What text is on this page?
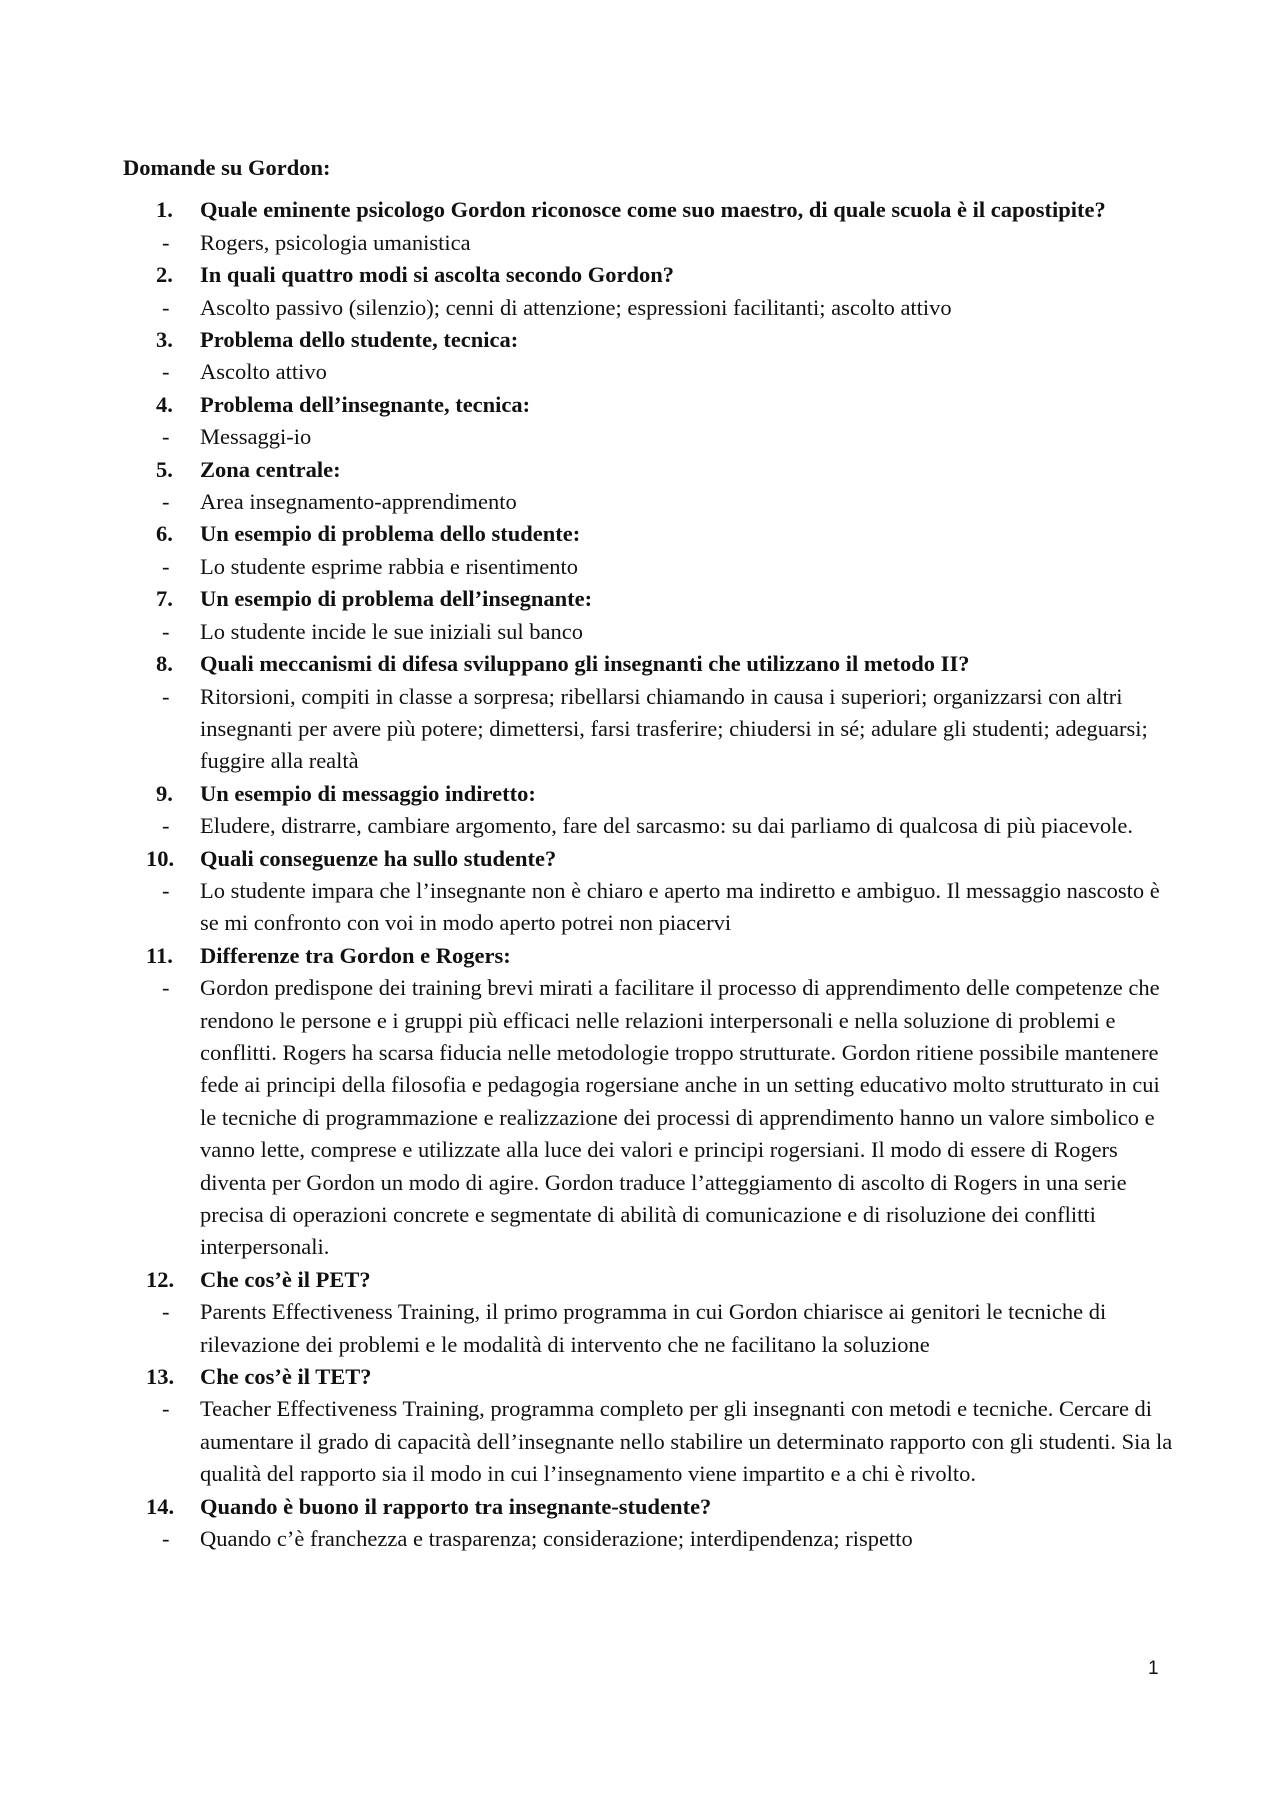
Domande su Gordon:
1. Quale eminente psicologo Gordon riconosce come suo maestro, di quale scuola è il capostipite?
- Rogers, psicologia umanistica
2. In quali quattro modi si ascolta secondo Gordon?
- Ascolto passivo (silenzio); cenni di attenzione; espressioni facilitanti; ascolto attivo
3. Problema dello studente, tecnica:
- Ascolto attivo
4. Problema dell’insegnante, tecnica:
- Messaggi-io
5. Zona centrale:
- Area insegnamento-apprendimento
6. Un esempio di problema dello studente:
- Lo studente esprime rabbia e risentimento
7. Un esempio di problema dell’insegnante:
- Lo studente incide le sue iniziali sul banco
8. Quali meccanismi di difesa sviluppano gli insegnanti che utilizzano il metodo II?
- Ritorsioni, compiti in classe a sorpresa; ribellarsi chiamando in causa i superiori; organizzarsi con altri insegnanti per avere più potere; dimettersi, farsi trasferire; chiudersi in sé; adulare gli studenti; adeguarsi; fuggire alla realtà
9. Un esempio di messaggio indiretto:
- Eludere, distrarre, cambiare argomento, fare del sarcasmo: su dai parliamo di qualcosa di più piacevole.
10. Quali conseguenze ha sullo studente?
- Lo studente impara che l’insegnante non è chiaro e aperto ma indiretto e ambiguo. Il messaggio nascosto è se mi confronto con voi in modo aperto potrei non piacervi
11. Differenze tra Gordon e Rogers:
- Gordon predispone dei training brevi mirati a facilitare il processo di apprendimento delle competenze che rendono le persone e i gruppi più efficaci nelle relazioni interpersonali e nella soluzione di problemi e conflitti. Rogers ha scarsa fiducia nelle metodologie troppo strutturate. Gordon ritiene possibile mantenere fede ai principi della filosofia e pedagogia rogersiane anche in un setting educativo molto strutturato in cui le tecniche di programmazione e realizzazione dei processi di apprendimento hanno un valore simbolico e vanno lette, comprese e utilizzate alla luce dei valori e principi rogersiani. Il modo di essere di Rogers diventa per Gordon un modo di agire. Gordon traduce l’atteggiamento di ascolto di Rogers in una serie precisa di operazioni concrete e segmentate di abilità di comunicazione e di risoluzione dei conflitti interpersonali.
12. Che cos’è il PET?
- Parents Effectiveness Training, il primo programma in cui Gordon chiarisce ai genitori le tecniche di rilevazione dei problemi e le modalità di intervento che ne facilitano la soluzione
13. Che cos’è il TET?
- Teacher Effectiveness Training, programma completo per gli insegnanti con metodi e tecniche. Cercare di aumentare il grado di capacità dell’insegnante nello stabilire un determinato rapporto con gli studenti. Sia la qualità del rapporto sia il modo in cui l’insegnamento viene impartito e a chi è rivolto.
14. Quando è buono il rapporto tra insegnante-studente?
- Quando c’è franchezza e trasparenza; considerazione; interdipendenza; rispetto
1
